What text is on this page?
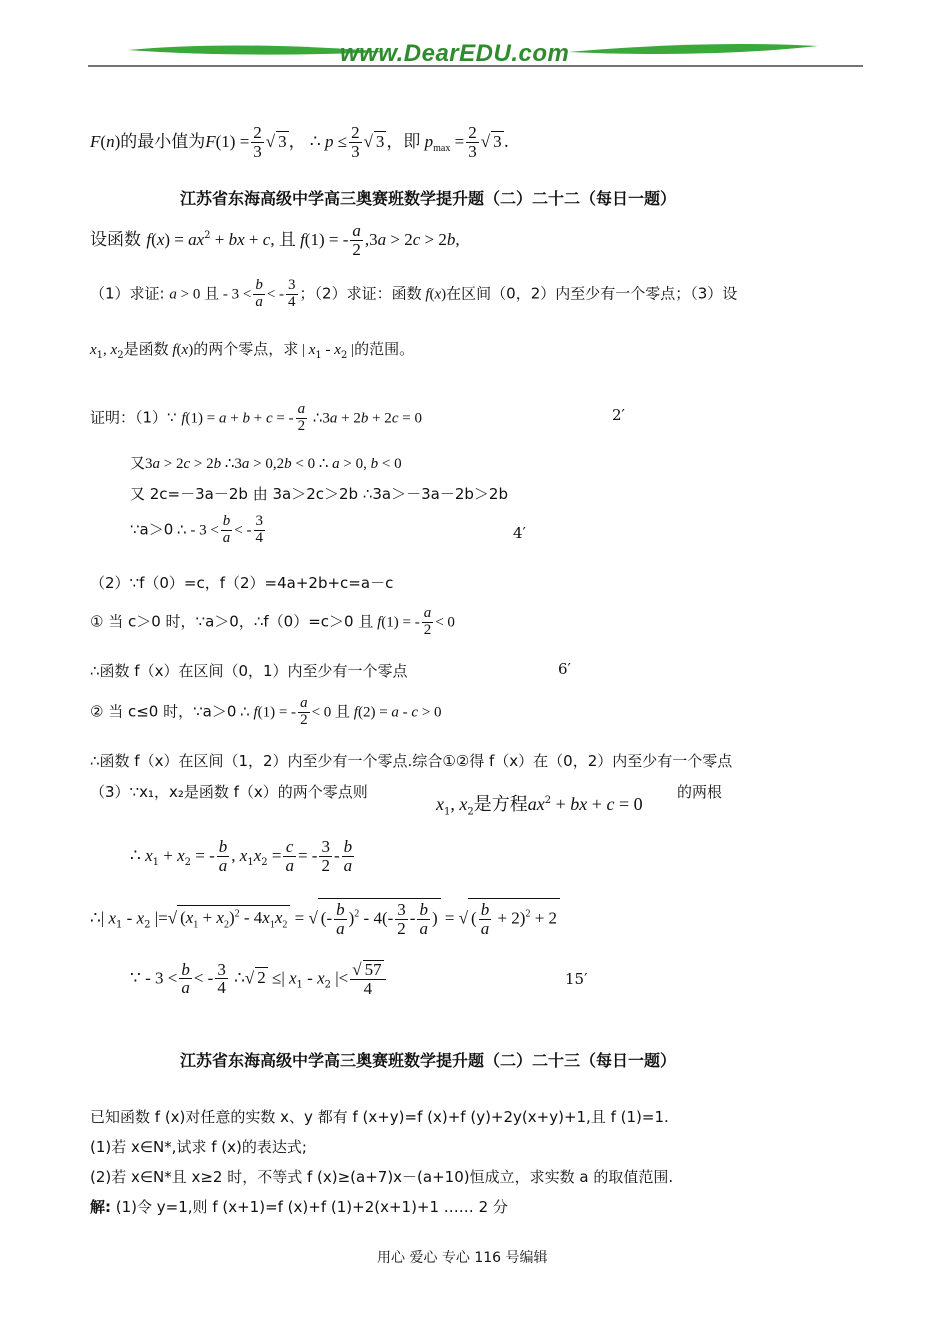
www.DearEDU.com
F(n)的最小值为$F(1) = \frac{2}{3}$ √ 3 ， ∴ $p \le \frac{2}{3}$ √ 3 ，即 $p_{max} = \frac{2}{3}$ √ 3 .
江苏省东海高级中学高三奥赛班数学提升题（二）二十二（每日一题）
设函数 $f(x) = ax^2$ + bx + c, 且 f(1) = - $\frac{a}{2} ,3a > 2c > 2b$,
（1）求证: a > 0 且 - $3 < \frac{b}{a}$ < - $\frac{3}{4}$ ；（2）求证：函数 f(x)在区间（0，2）内至少有一个零点；（3）设
$x_1$, $x_2$是函数 f(x)的两个零点，求 | $x_1 - x_2$ |的范围。
证明：（1）∵ f(1) = a + b + c = - $\frac{a}{2}$ ∴3a + 2b + 2c = 0	2′
又3a > 2c > 2b ∴3a > 0,2b < 0 ∴ a > 0, b < 0
又 2c=－3a－2b 由 3a＞2c＞2b ∴3a＞－3a－2b＞2b
∵a＞0 ∴ - $3 < \frac{b}{a}$ < - $\frac{3}{4}$	4′
（2）∵f（0）=c，f（2）=4a+2b+c=a－c
① 当 c＞0 时，∵a＞0，∴f（0）=c＞0 且 f(1) = - $\frac{a}{2} < 0$
∴函数 f（x）在区间（0，1）内至少有一个零点	6′
② 当 c≤0 时，∵a＞0 ∴ f(1) = - $\frac{a}{2} < 0$ 且 f(2) = a - c > 0
∴函数 f（x）在区间（1，2）内至少有一个零点.综合①②得 f（x）在（0，2）内至少有一个零点
（3）∵x₁，x₂是函数 f（x）的两个零点则
$x_1$, $x_2$是方程$ax^2$ + bx + c = 0
的两根
∴ $x_1 + x_2$ = - $\frac{b}{a}$ , $x_1x_2 = \frac{c}{a}$ = - $\frac{3}{2} - \frac{b}{a}$
∴| $x_1 - x_2$ |=√ $(x_1 + x_2)^2 - 4x_1x_2$ = √ (- $\frac{b}{a} )^2 - 4(- \frac{3}{2} - \frac{b}{a}$ ) = √ ( $\frac{b}{a} + 2)^2 + 2$
∵ - $3 < \frac{b}{a}$ < - $\frac{3}{4}$ ∴√ 2 ≤| $x_1 - x_2$ |< $\frac{√ 57}{4}$	15′
江苏省东海高级中学高三奥赛班数学提升题（二）二十三（每日一题）
已知函数 f (x)对任意的实数 x、y 都有 f (x+y)=f (x)+f (y)+2y(x+y)+1,且 f (1)=1.
(1)若 x∈N*,试求 f (x)的表达式;
(2)若 x∈N*且 x≥2 时，不等式 f (x)≥(a+7)x－(a+10)恒成立，求实数 a 的取值范围.
解: (1)令 y=1,则 f (x+1)=f (x)+f (1)+2(x+1)+1 …… 2 分
用心 爱心 专心 116 号编辑
